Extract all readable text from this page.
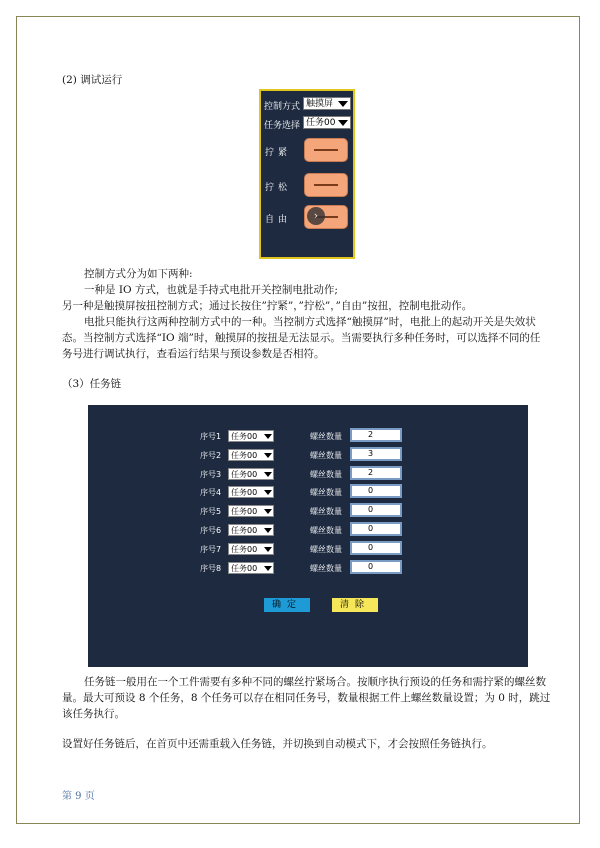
(2) 调试运行
控制方式 触摸屏
任务选择 任务00
拧紧
拧松
自由	›
控制方式分为如下两种:
一种是 IO 方式，也就是手持式电批开关控制电批动作;
另一种是触摸屏按扭控制方式；通过长按住”拧紧”，”拧松”，”自由”按扭，控制电批动作。
电批只能执行这两种控制方式中的一种。当控制方式选择“触摸屏”时，电批上的起动开关是失效状
态。当控制方式选择“IO 端”时，触摸屏的按扭是无法显示。当需要执行多种任务时，可以选择不同的任
务号进行调试执行，查看运行结果与预设参数是否相符。
（3）任务链
序号1	任务00	螺丝数量	2
序号2	任务00	螺丝数量	3
序号3	任务00	螺丝数量	2
序号4	任务00	螺丝数量	0
序号5	任务00	螺丝数量	0
序号6	任务00	螺丝数量	0
序号7	任务00	螺丝数量	0
序号8	任务00	螺丝数量	0
确定	清除
任务链一般用在一个工件需要有多种不同的螺丝拧紧场合。按顺序执行预设的任务和需拧紧的螺丝数
量。最大可预设 8 个任务，8 个任务可以存在相同任务号，数量根据工件上螺丝数量设置；为 0 时，跳过
该任务执行。
设置好任务链后，在首页中还需重载入任务链，并切换到自动模式下，才会按照任务链执行。
第 9 页
